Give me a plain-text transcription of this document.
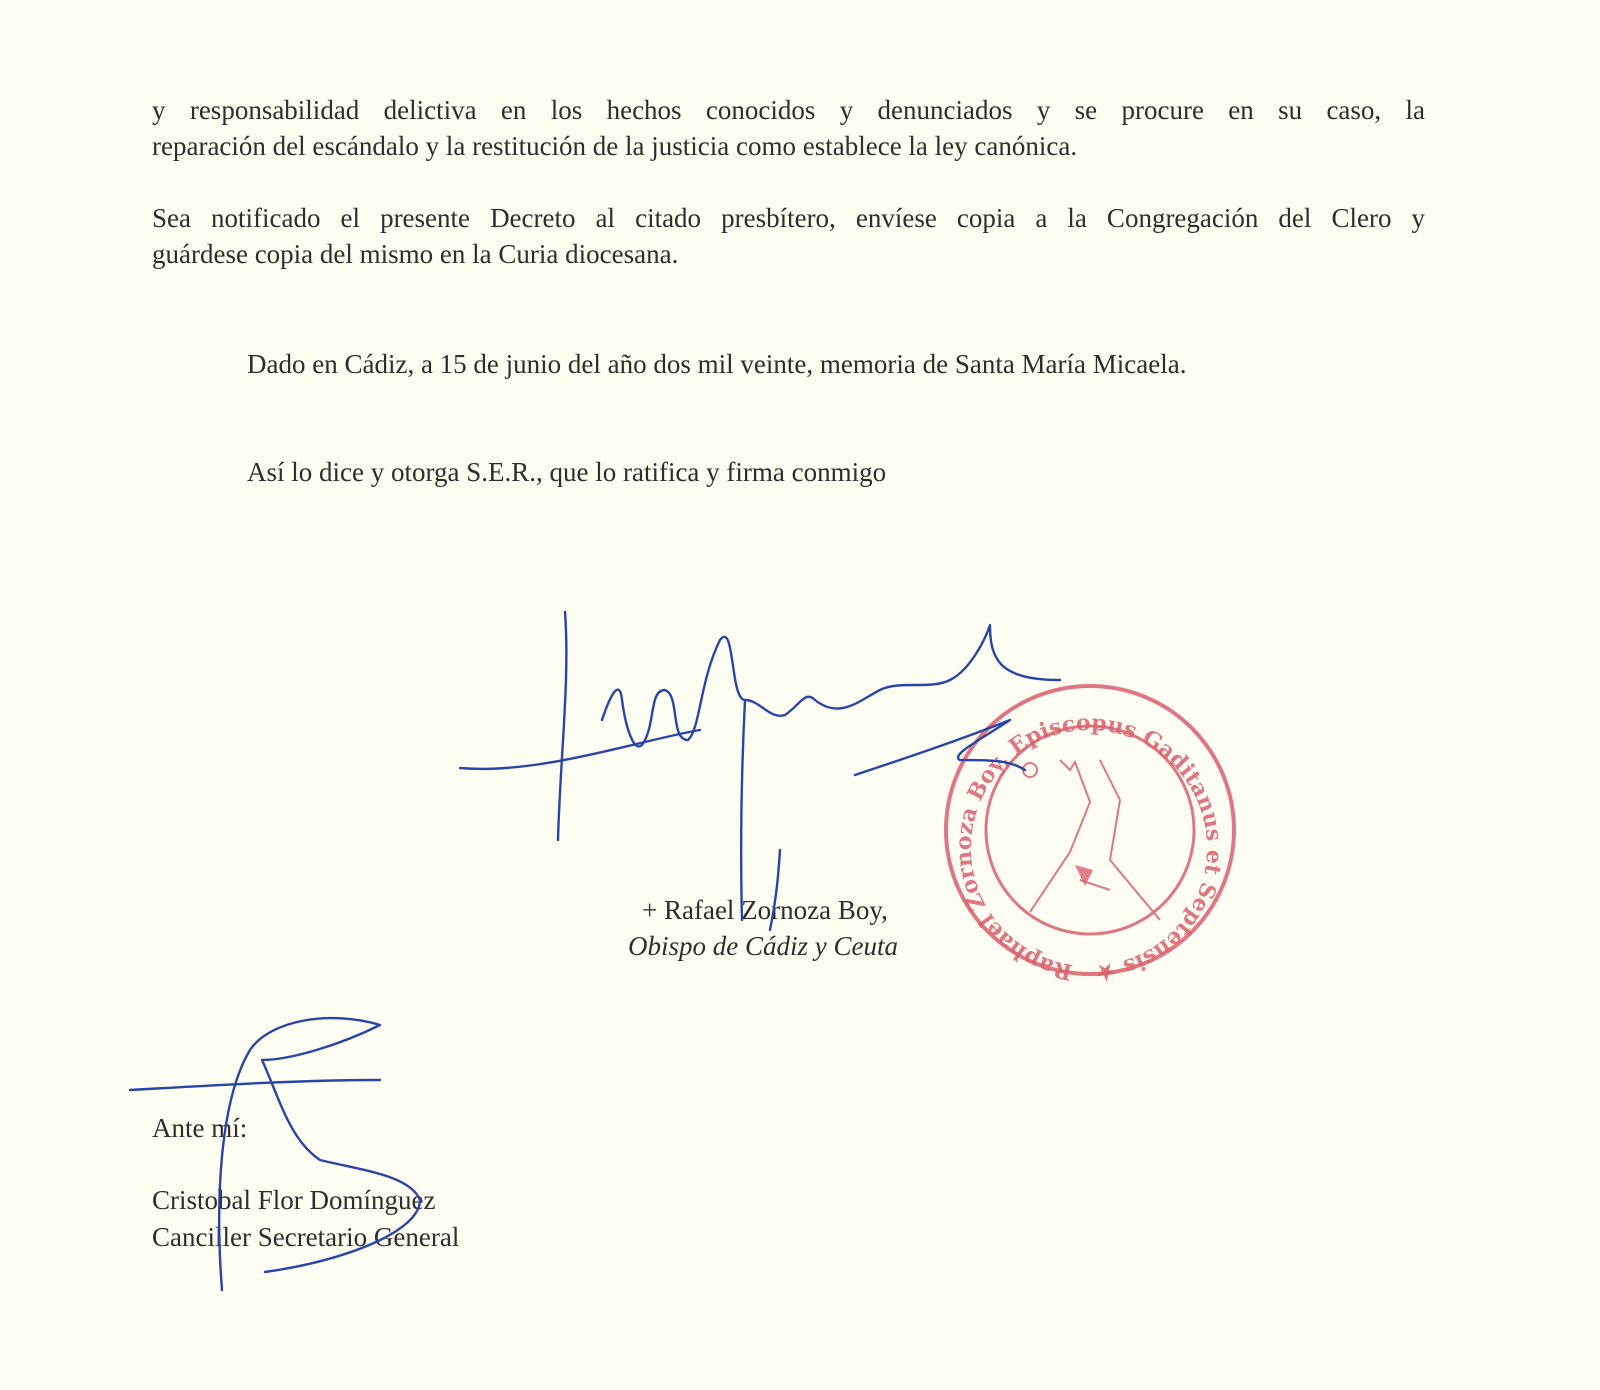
y responsabilidad delictiva en los hechos conocidos y denunciados y se procure en su caso, la
reparación del escándalo y la restitución de la justicia como establece la ley canónica.
Sea notificado el presente Decreto al citado presbítero, envíese copia a la Congregación del Clero y
guárdese copia del mismo en la Curia diocesana.
Dado en Cádiz, a 15 de junio del año dos mil veinte, memoria de Santa María Micaela.
Así lo dice y otorga S.E.R., que lo ratifica y firma conmigo
+ Rafael Zornoza Boy,
Obispo de Cádiz y Ceuta
Ante mí:
Cristobal Flor Domínguez
Canciller Secretario General
Raphael Zornoza Boy, Episcopus Gaditanus et Septensis ★
